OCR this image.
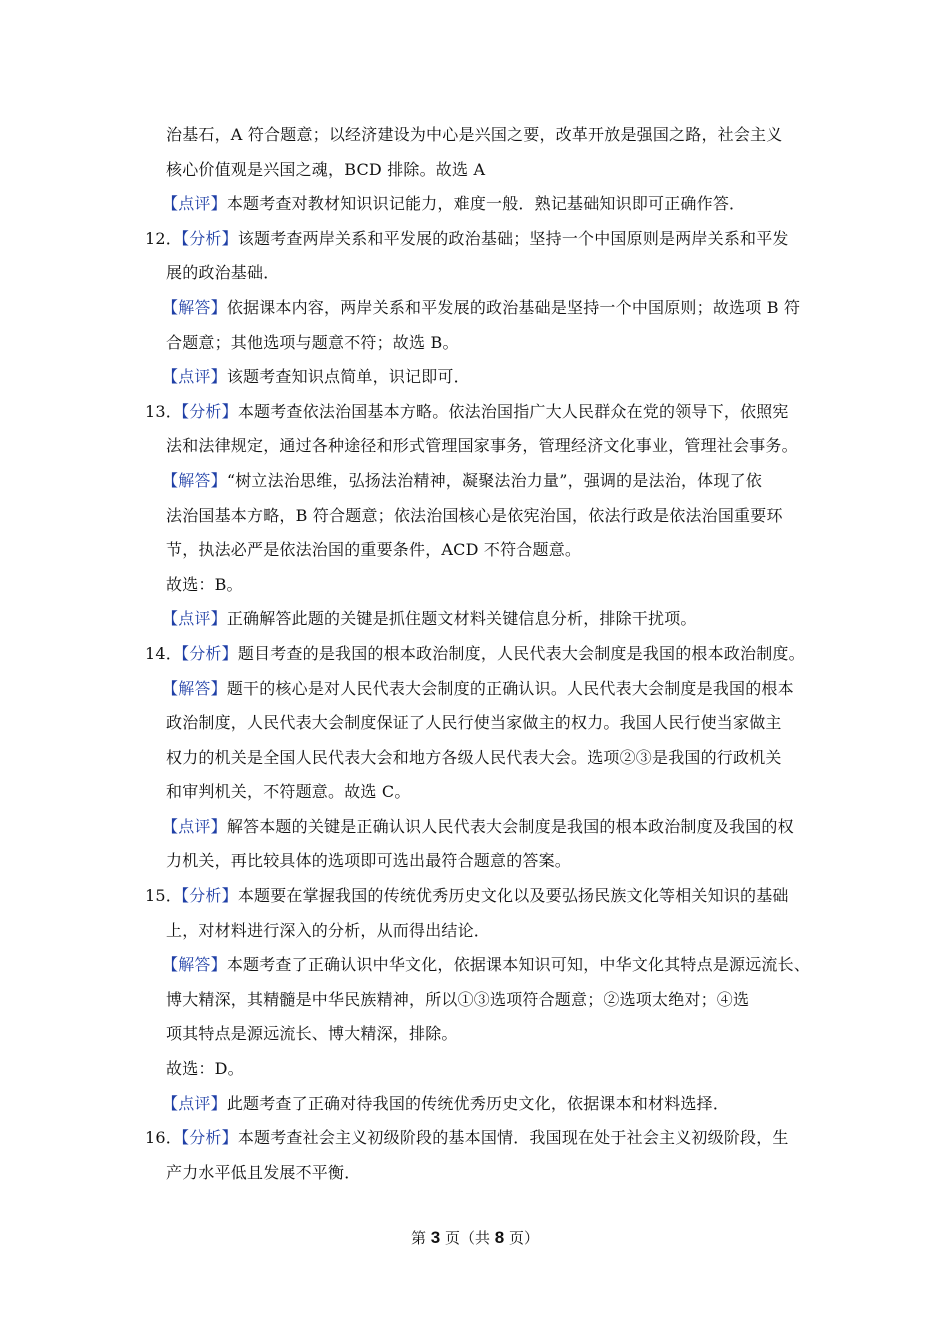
治基石，A 符合题意；以经济建设为中心是兴国之要，改革开放是强国之路，社会主义
核心价值观是兴国之魂，BCD 排除。故选 A
【点评】本题考查对教材知识识记能力，难度一般．熟记基础知识即可正确作答．
12．【分析】该题考查两岸关系和平发展的政治基础；坚持一个中国原则是两岸关系和平发
展的政治基础．
【解答】依据课本内容，两岸关系和平发展的政治基础是坚持一个中国原则；故选项 B 符
合题意；其他选项与题意不符；故选 B。
【点评】该题考查知识点简单，识记即可．
13．【分析】本题考查依法治国基本方略。依法治国指广大人民群众在党的领导下，依照宪
法和法律规定，通过各种途径和形式管理国家事务，管理经济文化事业，管理社会事务。
【解答】“树立法治思维，弘扬法治精神，凝聚法治力量”，强调的是法治，体现了依
法治国基本方略，B 符合题意；依法治国核心是依宪治国，依法行政是依法治国重要环
节，执法必严是依法治国的重要条件，ACD 不符合题意。
故选：B。
【点评】正确解答此题的关键是抓住题文材料关键信息分析，排除干扰项。
14．【分析】题目考查的是我国的根本政治制度，人民代表大会制度是我国的根本政治制度。
【解答】题干的核心是对人民代表大会制度的正确认识。人民代表大会制度是我国的根本
政治制度，人民代表大会制度保证了人民行使当家做主的权力。我国人民行使当家做主
权力的机关是全国人民代表大会和地方各级人民代表大会。选项②③是我国的行政机关
和审判机关，不符题意。故选 C。
【点评】解答本题的关键是正确认识人民代表大会制度是我国的根本政治制度及我国的权
力机关，再比较具体的选项即可选出最符合题意的答案。
15．【分析】本题要在掌握我国的传统优秀历史文化以及要弘扬民族文化等相关知识的基础
上，对材料进行深入的分析，从而得出结论．
【解答】本题考查了正确认识中华文化，依据课本知识可知，中华文化其特点是源远流长、
博大精深，其精髓是中华民族精神，所以①③选项符合题意；②选项太绝对；④选
项其特点是源远流长、博大精深，排除。
故选：D。
【点评】此题考查了正确对待我国的传统优秀历史文化，依据课本和材料选择．
16．【分析】本题考查社会主义初级阶段的基本国情．我国现在处于社会主义初级阶段，生
产力水平低且发展不平衡．
第 3 页（共 8 页）
